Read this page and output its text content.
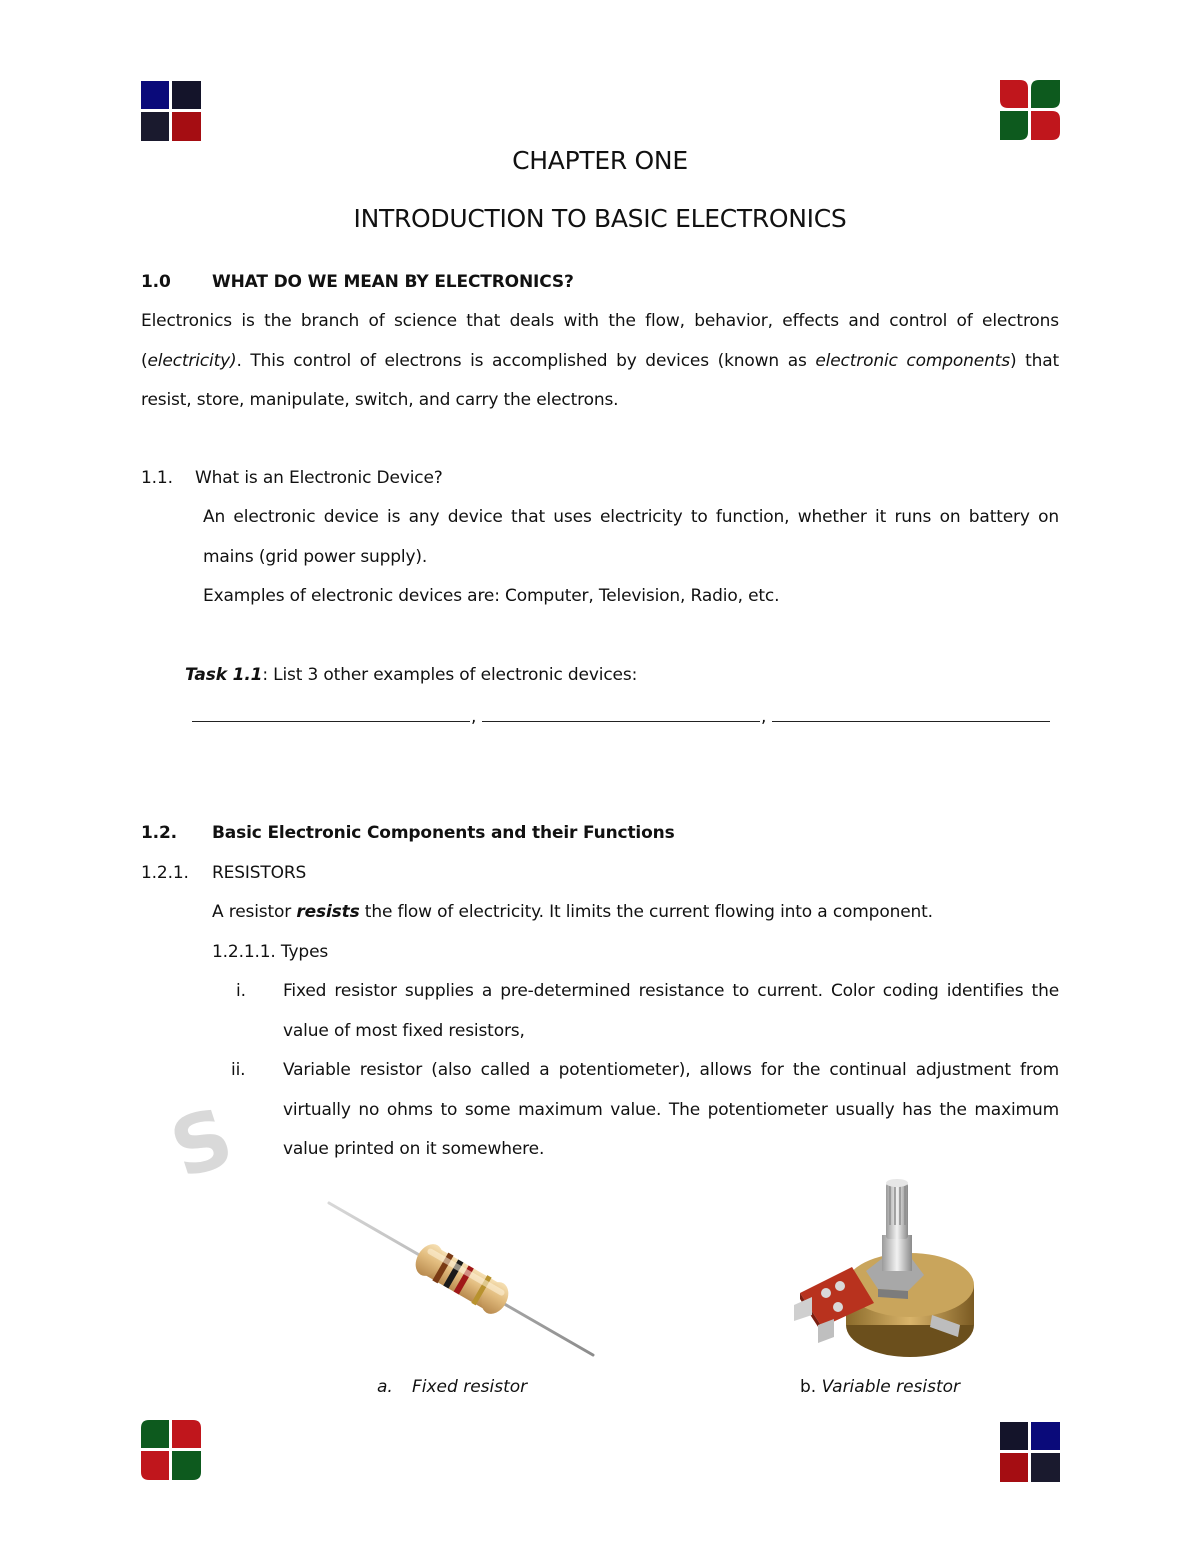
S
CHAPTER ONE
INTRODUCTION TO BASIC ELECTRONICS
1.0 WHAT DO WE MEAN BY ELECTRONICS?
Electronics is the branch of science that deals with the flow, behavior, effects and control of electrons
(electricity). This control of electrons is accomplished by devices (known as electronic components) that
resist, store, manipulate, switch, and carry the electrons.
1.1. What is an Electronic Device?
An electronic device is any device that uses electricity to function, whether it runs on battery on
mains (grid power supply).
Examples of electronic devices are: Computer, Television, Radio, etc.
Task 1.1: List 3 other examples of electronic devices:
,	,
1.2. Basic Electronic Components and their Functions
1.2.1. RESISTORS
A resistor resists the flow of electricity. It limits the current flowing into a component.
1.2.1.1. Types
i. Fixed resistor supplies a pre-determined resistance to current. Color coding identifies the
value of most fixed resistors,
ii. Variable resistor (also called a potentiometer), allows for the continual adjustment from
virtually no ohms to some maximum value. The potentiometer usually has the maximum
value printed on it somewhere.
a. Fixed resistor	b. Variable resistor
